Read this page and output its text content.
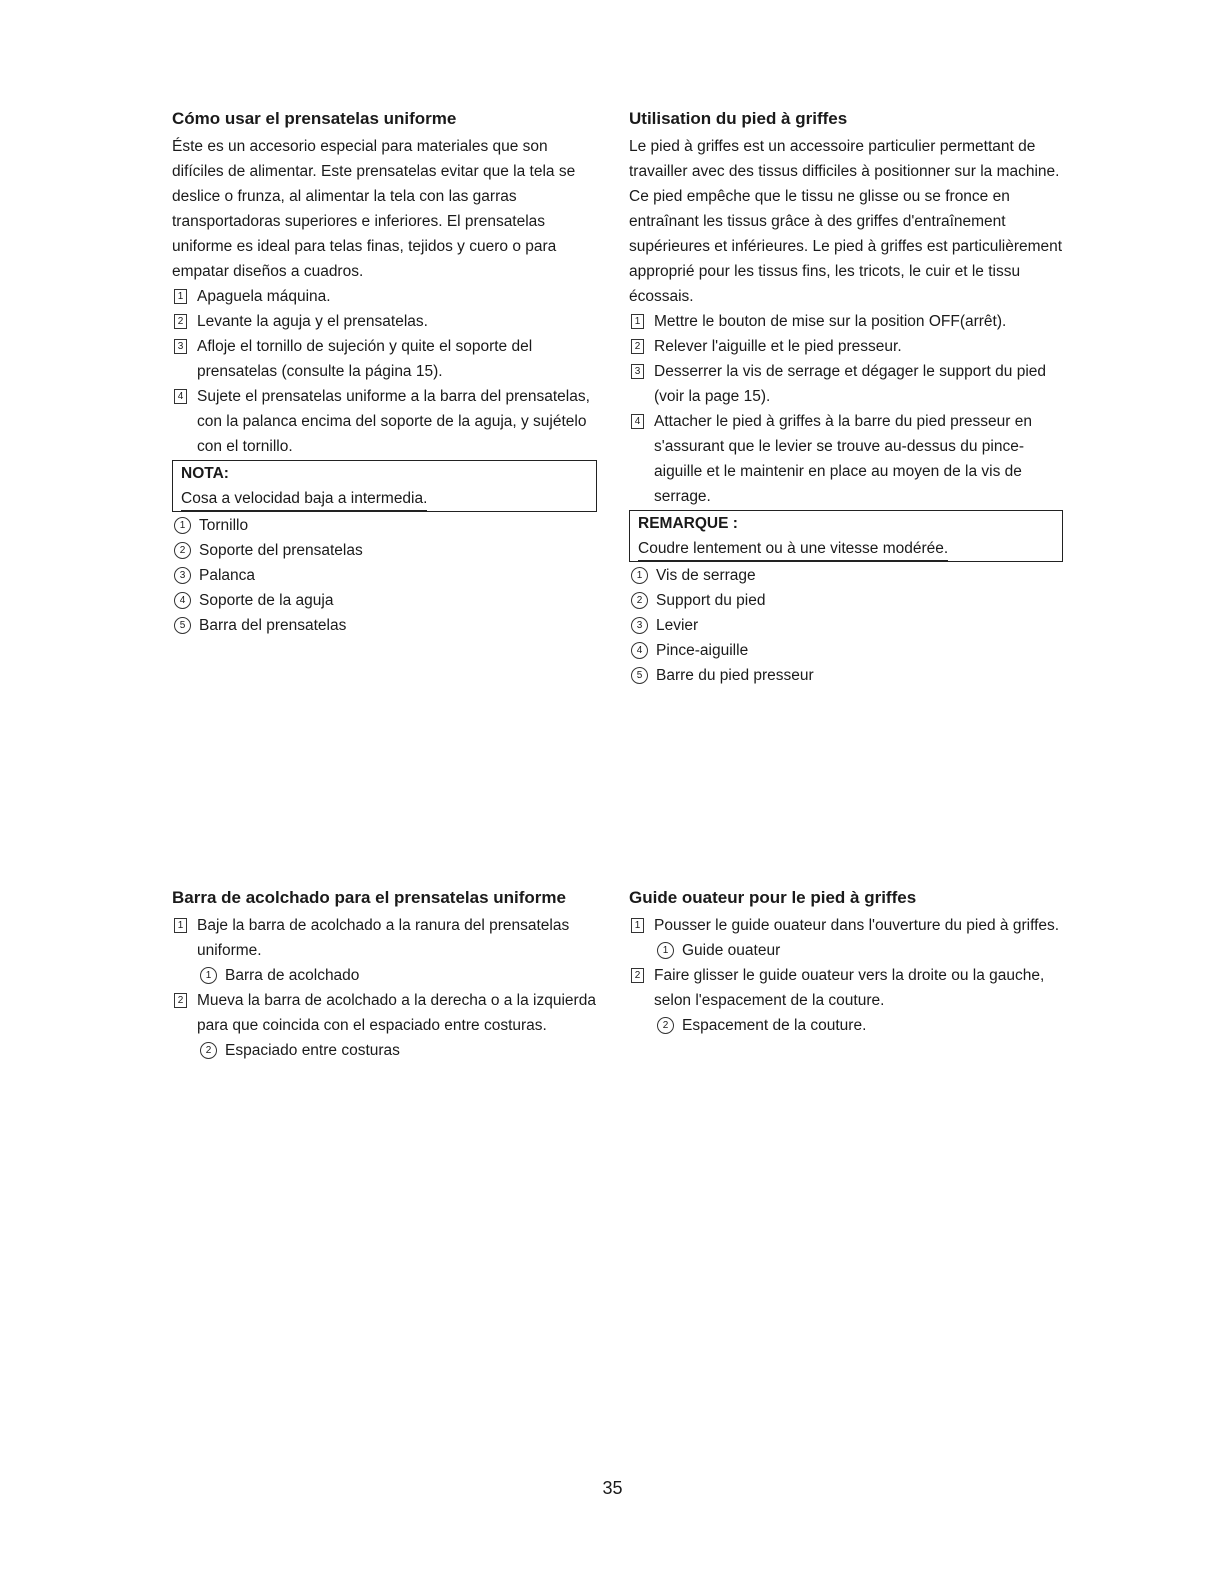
Cómo usar el prensatelas uniforme

Éste es un accesorio especial para materiales que son difíciles de alimentar. Este prensatelas evitar que la tela se deslice o frunza, al alimentar la tela con las garras transportadoras superiores e inferiores. El prensatelas uniforme es ideal para telas finas, tejidos y cuero o para empatar diseños a cuadros.

1 Apaguela máquina.
2 Levante la aguja y el prensatelas.
3 Afloje el tornillo de sujeción y quite el soporte del prensatelas (consulte la página 15).
4 Sujete el prensatelas uniforme a la barra del prensatelas, con la palanca encima del soporte de la aguja, y sujételo con el tornillo.
NOTA:
Cosa a velocidad baja a intermedia.
1 Tornillo
2 Soporte del prensatelas
3 Palanca
4 Soporte de la aguja
5 Barra del prensatelas
Utilisation du pied à griffes

Le pied à griffes est un accessoire particulier permettant de travailler avec des tissus difficiles à positionner sur la machine. Ce pied empêche que le tissu ne glisse ou se fronce en entraînant les tissus grâce à des griffes d'entraînement supérieures et inférieures. Le pied à griffes est particulièrement approprié pour les tissus fins, les tricots, le cuir et le tissu écossais.

1 Mettre le bouton de mise sur la position OFF(arrêt).
2 Relever l'aiguille et le pied presseur.
3 Desserrer la vis de serrage et dégager le support du pied (voir la page 15).
4 Attacher le pied à griffes à la barre du pied presseur en s'assurant que le levier se trouve au-dessus du pince-aiguille et le maintenir en place au moyen de la vis de serrage.
REMARQUE :
Coudre lentement ou à une vitesse modérée.
1 Vis de serrage
2 Support du pied
3 Levier
4 Pince-aiguille
5 Barre du pied presseur
Barra de acolchado para el prensatelas uniforme
1 Baje la barra de acolchado a la ranura del prensatelas uniforme.
1 Barra de acolchado
2 Mueva la barra de acolchado a la derecha o a la izquierda para que coincida con el espaciado entre costuras.
2 Espaciado entre costuras
Guide ouateur pour le pied à griffes
1 Pousser le guide ouateur dans l'ouverture du pied à griffes.
1 Guide ouateur
2 Faire glisser le guide ouateur vers la droite ou la gauche, selon l'espacement de la couture.
2 Espacement de la couture.
35
